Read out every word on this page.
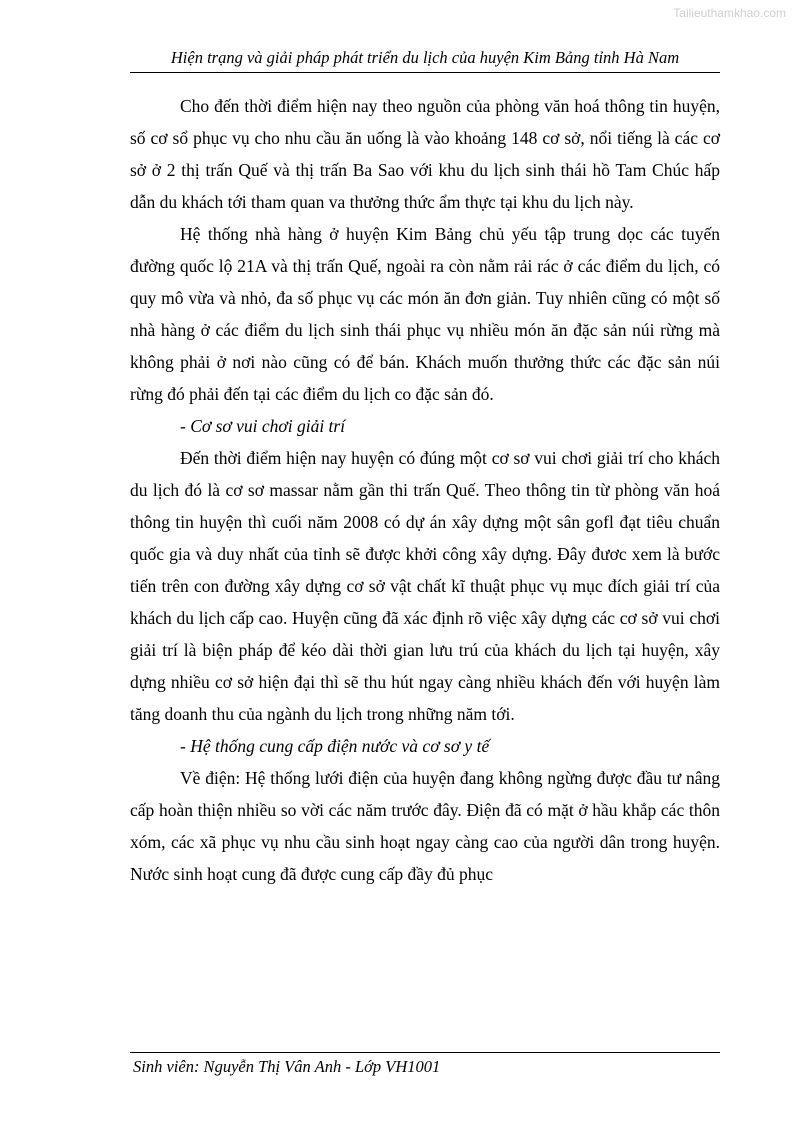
Tailieuthamkhao.com
Hiện trạng và giải pháp phát triển du lịch của huyện Kim Bảng tỉnh Hà Nam

Cho đến thời điểm hiện nay theo nguồn của phòng văn hoá thông tin huyện, số cơ sổ phục vụ cho nhu cầu ăn uống là vào khoảng 148 cơ sở, nổi tiếng là các cơ sở ở 2 thị trấn Quế và thị trấn Ba Sao với khu du lịch sinh thái hồ Tam Chúc hấp dẫn du khách tới tham quan va thưởng thức ẩm thực tại khu du lịch này.

Hệ thống nhà hàng ở huyện Kim Bảng chủ yếu tập trung dọc các tuyến đường quốc lộ 21A và thị trấn Quế, ngoài ra còn nằm rải rác ở các điểm du lịch, có quy mô vừa và nhỏ, đa số phục vụ các món ăn đơn giản. Tuy nhiên cũng có một số nhà hàng ở các điểm du lịch sinh thái phục vụ nhiều món ăn đặc sản núi rừng mà không phải ở nơi nào cũng có để bán. Khách muốn thưởng thức các đặc sản núi rừng đó phải đến tại các điểm du lịch co đặc sản đó.

- Cơ sơ vui chơi giải trí

Đến thời điểm hiện nay huyện có đúng một cơ sơ vui chơi giải trí cho khách du lịch đó là cơ sơ massar nằm gần thi trấn Quế. Theo thông tin từ phòng văn hoá thông tin huyện thì cuối năm 2008 có dự án xây dựng một sân gofl đạt tiêu chuẩn quốc gia và duy nhất của tỉnh sẽ được khởi công xây dựng. Đây đươc xem là bước tiến trên con đường xây dựng cơ sở vật chất kĩ thuật phục vụ mục đích giải trí của khách du lịch cấp cao. Huyện cũng đã xác định rõ việc xây dựng các cơ sở vui chơi giải trí là biện pháp để kéo dài thời gian lưu trú của khách du lịch tại huyện, xây dựng nhiều cơ sở hiện đại thì sẽ thu hút ngay càng nhiều khách đến với huyện làm tăng doanh thu của ngành du lịch trong những năm tới.

- Hệ thống cung cấp điện nước và cơ sơ y tế

Về điện: Hệ thống lưới điện của huyện đang không ngừng được đầu tư nâng cấp hoàn thiện nhiều so vời các năm trước đây. Điện đã có mặt ở hầu khắp các thôn xóm, các xã phục vụ nhu cầu sinh hoạt ngay càng cao của người dân trong huyện. Nước sinh hoạt cung đã được cung cấp đầy đủ phục

Sinh viên: Nguyễn Thị Vân Anh - Lớp VH1001
